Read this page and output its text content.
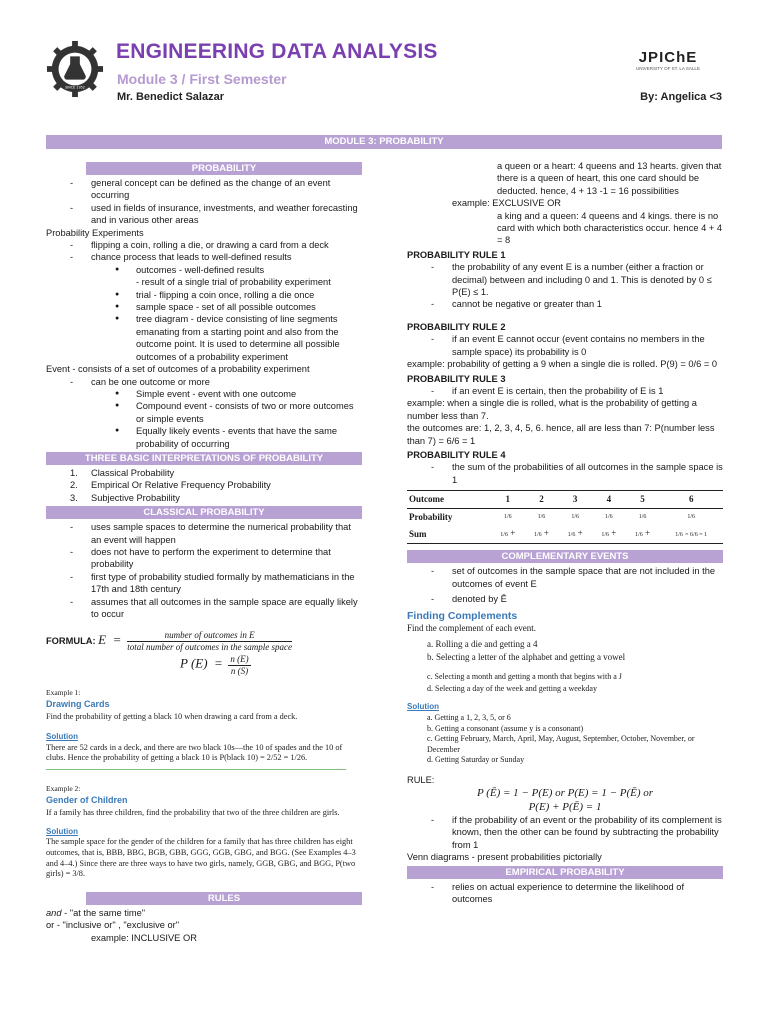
SINCE 1952
ENGINEERING DATA ANALYSIS
Module 3 / First Semester
Mr. Benedict Salazar
JPIChE
UNIVERSITY OF ST. LA SALLE
By: Angelica <3
MODULE 3: PROBABILITY
PROBABILITY
- general concept can be defined as the change of an event occurring
- used in fields of insurance, investments, and weather forecasting and in various other areas
Probability Experiments
- flipping a coin, rolling a die, or drawing a card from a deck
- chance process that leads to well-defined results
● outcomes - well-defined results
- result of a single trial of probability experiment
● trial - flipping a coin once, rolling a die once
● sample space - set of all possible outcomes
● tree diagram - device consisting of line segments emanating from a starting point and also from the outcome point. It is used to determine all possible outcomes of a probability experiment
Event - consists of a set of outcomes of a probability experiment
- can be one outcome or more
● Simple event - event with one outcome
● Compound event - consists of two or more outcomes or simple events
● Equally likely events - events that have the same probability of occurring
THREE BASIC INTERPRETATIONS OF PROBABILITY
1. Classical Probability
2. Empirical Or Relative Frequency Probability
3. Subjective Probability
CLASSICAL PROBABILITY
- uses sample spaces to determine the numerical probability that an event will happen
- does not have to perform the experiment to determine that probability
- first type of probability studied formally by mathematicians in the 17th and 18th century
- assumes that all outcomes in the sample space are equally likely to occur
FORMULA: $E = \frac{\text{number of outcomes in E}}{\text{total number of outcomes in the sample space}}$
P $(E) = \frac{n (E)}{n (S)}$
Example 1:
Drawing Cards
Find the probability of getting a black 10 when drawing a card from a deck.
Solution
There are 52 cards in a deck, and there are two black 10s—the 10 of spades and the 10 of clubs. Hence the probability of getting a black 10 is P(black 10) = 2/52 = 1/26.
Example 2:
Gender of Children
If a family has three children, find the probability that two of the three children are girls.
Solution
The sample space for the gender of the children for a family that has three children has eight outcomes, that is, BBB, BBG, BGB, GBB, GGG, GGB, GBG, and BGG. (See Examples 4–3 and 4–4.) Since there are three ways to have two girls, namely, GGB, GBG, and BGG, P(two girls) = 3/8.
RULES
and - "at the same time"
or - "inclusive or" , "exclusive or"
example: INCLUSIVE OR
a queen or a heart: 4 queens and 13 hearts. given that there is a queen of heart, this one card should be deducted. hence, 4 + 13 -1 = 16 possibilities
example: EXCLUSIVE OR
a king and a queen: 4 queens and 4 kings. there is no card with which both characteristics occur. hence 4 + 4 = 8
PROBABILITY RULE 1
- the probability of any event E is a number (either a fraction or decimal) between and including 0 and 1. This is denoted by 0 ≤ P(E) ≤ 1.
- cannot be negative or greater than 1
PROBABILITY RULE 2
- if an event E cannot occur (event contains no members in the sample space) its probability is 0
example: probability of getting a 9 when a single die is rolled. P(9) = 0/6 = 0
PROBABILITY RULE 3
- if an event E is certain, then the probability of E is 1
example: when a single die is rolled, what is the probability of getting a number less than 7.
the outcomes are: 1, 2, 3, 4, 5, 6. hence, all are less than 7: P(number less than 7) = 6/6 = 1
PROBABILITY RULE 4
- the sum of the probabilities of all outcomes in the sample space is 1
Outcome	1	2	3	4	5	6
Probability	1/6	1/6	1/6	1/6	1/6	1/6
Sum	1/6 +	1/6 +	1/6 +	1/6 +	1/6 +	1/6 = 6/6 = 1
COMPLEMENTARY EVENTS
- set of outcomes in the sample space that are not included in the outcomes of event E
- denoted by Ē
Finding Complements
Find the complement of each event.
a. Rolling a die and getting a 4
b. Selecting a letter of the alphabet and getting a vowel
c. Selecting a month and getting a month that begins with a J
d. Selecting a day of the week and getting a weekday
Solution
a. Getting a 1, 2, 3, 5, or 6
b. Getting a consonant (assume y is a consonant)
c. Getting February, March, April, May, August, September, October, November, or December
d. Getting Saturday or Sunday
RULE:
P (Ē) = 1 − P(E) or P(E) = 1 − P(Ē) or
P(E) + P(Ē) = 1
- if the probability of an event or the probability of its complement is known, then the other can be found by subtracting the probability from 1
Venn diagrams - present probabilities pictorially
EMPIRICAL PROBABILITY
- relies on actual experience to determine the likelihood of outcomes
